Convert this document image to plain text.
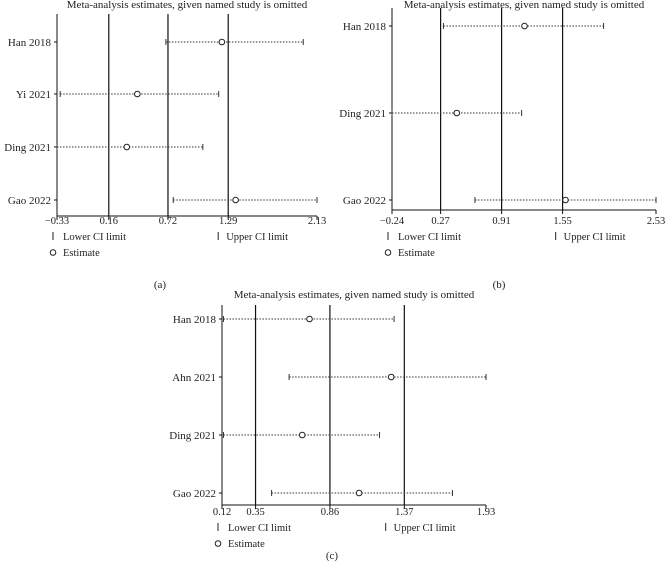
Meta-analysis estimates, given named study is omitted
−0.33	0.16	0.72	1.29	2.13
Han 2018
Yi 2021
Ding 2021
Gao 2022
Lower CI limit
Estimate
Upper CI limit
(a)
Meta-analysis estimates, given named study is omitted
−0.24	0.27	0.91	1.55	2.53
Han 2018
Ding 2021
Gao 2022
Lower CI limit
Estimate
Upper CI limit
(b)
Meta-analysis estimates, given named study is omitted
0.12 0.35	0.86	1.37	1.93
Han 2018
Ahn 2021
Ding 2021
Gao 2022
Lower CI limit
Estimate
Upper CI limit
(c)
